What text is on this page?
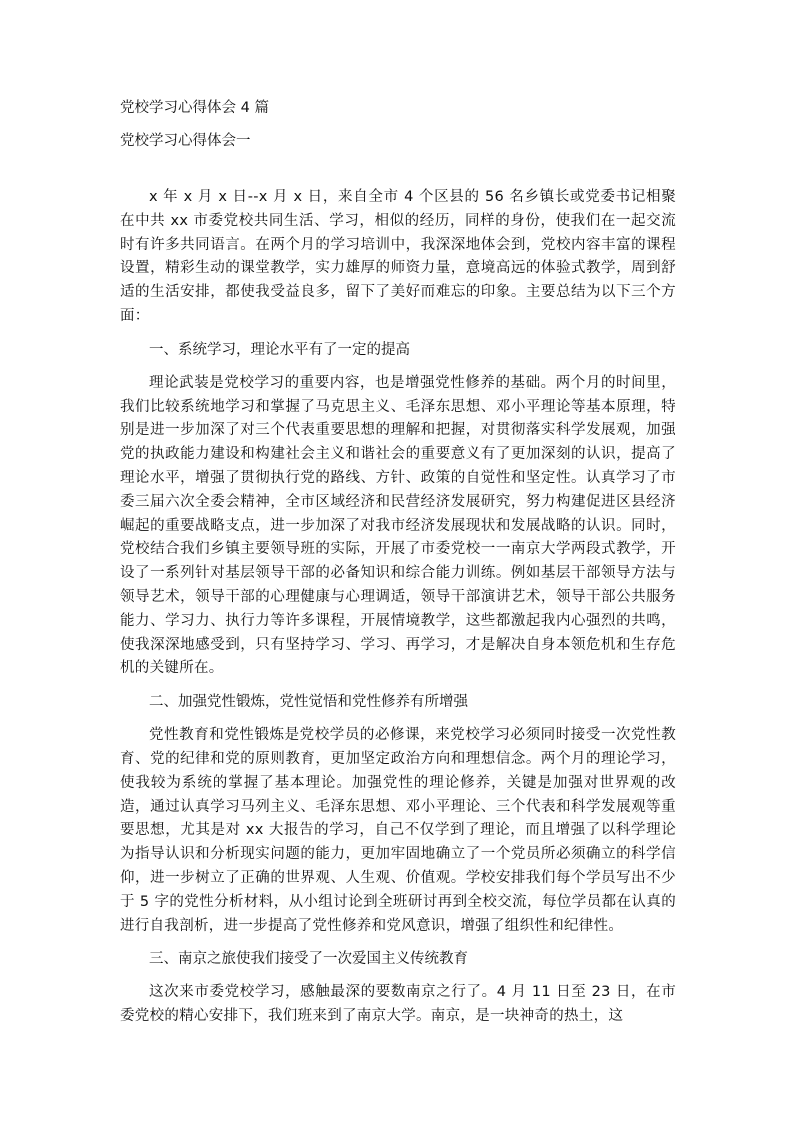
党校学习心得体会 4 篇
党校学习心得体会一

x 年 x 月 x 日--x 月 x 日，来自全市 4 个区县的 56 名乡镇长或党委书记相聚在中共 xx 市委党校共同生活、学习，相似的经历，同样的身份，使我们在一起交流时有许多共同语言。在两个月的学习培训中，我深深地体会到，党校内容丰富的课程设置，精彩生动的课堂教学，实力雄厚的师资力量，意境高远的体验式教学，周到舒适的生活安排，都使我受益良多，留下了美好而难忘的印象。主要总结为以下三个方面：

一、系统学习，理论水平有了一定的提高

理论武装是党校学习的重要内容，也是增强党性修养的基础。两个月的时间里，我们比较系统地学习和掌握了马克思主义、毛泽东思想、邓小平理论等基本原理，特别是进一步加深了对三个代表重要思想的理解和把握，对贯彻落实科学发展观，加强党的执政能力建设和构建社会主义和谐社会的重要意义有了更加深刻的认识，提高了理论水平，增强了贯彻执行党的路线、方针、政策的自觉性和坚定性。认真学习了市委三届六次全委会精神，全市区域经济和民营经济发展研究，努力构建促进区县经济崛起的重要战略支点，进一步加深了对我市经济发展现状和发展战略的认识。同时，党校结合我们乡镇主要领导班的实际，开展了市委党校一一南京大学两段式教学，开设了一系列针对基层领导干部的必备知识和综合能力训练。例如基层干部领导方法与领导艺术，领导干部的心理健康与心理调适，领导干部演讲艺术，领导干部公共服务能力、学习力、执行力等许多课程，开展情境教学，这些都激起我内心强烈的共鸣，使我深深地感受到，只有坚持学习、学习、再学习，才是解决自身本领危机和生存危机的关键所在。

二、加强党性锻炼，党性觉悟和党性修养有所增强

党性教育和党性锻炼是党校学员的必修课，来党校学习必须同时接受一次党性教育、党的纪律和党的原则教育，更加坚定政治方向和理想信念。两个月的理论学习，使我较为系统的掌握了基本理论。加强党性的理论修养，关键是加强对世界观的改造，通过认真学习马列主义、毛泽东思想、邓小平理论、三个代表和科学发展观等重要思想，尤其是对 xx 大报告的学习，自己不仅学到了理论，而且增强了以科学理论为指导认识和分析现实问题的能力，更加牢固地确立了一个党员所必须确立的科学信仰，进一步树立了正确的世界观、人生观、价值观。学校安排我们每个学员写出不少于 5 字的党性分析材料，从小组讨论到全班研讨再到全校交流，每位学员都在认真的进行自我剖析，进一步提高了党性修养和党风意识，增强了组织性和纪律性。

三、南京之旅使我们接受了一次爱国主义传统教育

这次来市委党校学习，感触最深的要数南京之行了。4 月 11 日至 23 日，在市委党校的精心安排下，我们班来到了南京大学。南京，是一块神奇的热土，这
